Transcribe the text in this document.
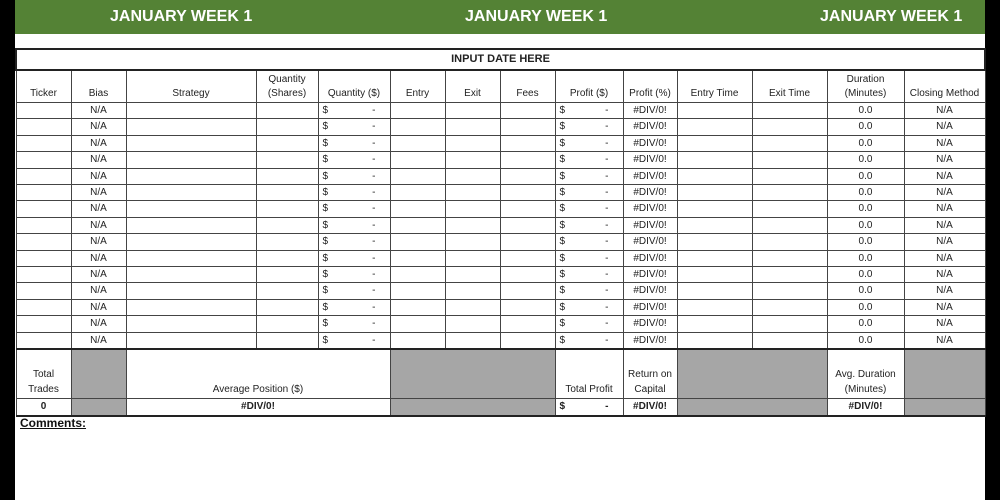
JANUARY WEEK 1	JANUARY WEEK 1	JANUARY WEEK 1
INPUT DATE HERE													
Ticker	Bias	Strategy	Quantity (Shares)	Quantity ($)	Entry	Exit	Fees	Profit ($)	Profit (%)	Entry Time	Exit Time	Duration (Minutes)	Closing Method
	N/A			$ -				$ -	#DIV/0!			0.0	N/A
	N/A			$ -				$ -	#DIV/0!			0.0	N/A
	N/A			$ -				$ -	#DIV/0!			0.0	N/A
	N/A			$ -				$ -	#DIV/0!			0.0	N/A
	N/A			$ -				$ -	#DIV/0!			0.0	N/A
	N/A			$ -				$ -	#DIV/0!			0.0	N/A
	N/A			$ -				$ -	#DIV/0!			0.0	N/A
	N/A			$ -				$ -	#DIV/0!			0.0	N/A
	N/A			$ -				$ -	#DIV/0!			0.0	N/A
	N/A			$ -				$ -	#DIV/0!			0.0	N/A
	N/A			$ -				$ -	#DIV/0!			0.0	N/A
	N/A			$ -				$ -	#DIV/0!			0.0	N/A
	N/A			$ -				$ -	#DIV/0!			0.0	N/A
	N/A			$ -				$ -	#DIV/0!			0.0	N/A
	N/A			$ -				$ -	#DIV/0!			0.0	N/A
Total Trades		Average Position ($)						Total Profit	Return on Capital			Avg. Duration (Minutes)	
0		#DIV/0!						$ -	#DIV/0!			#DIV/0!	
Comments:
